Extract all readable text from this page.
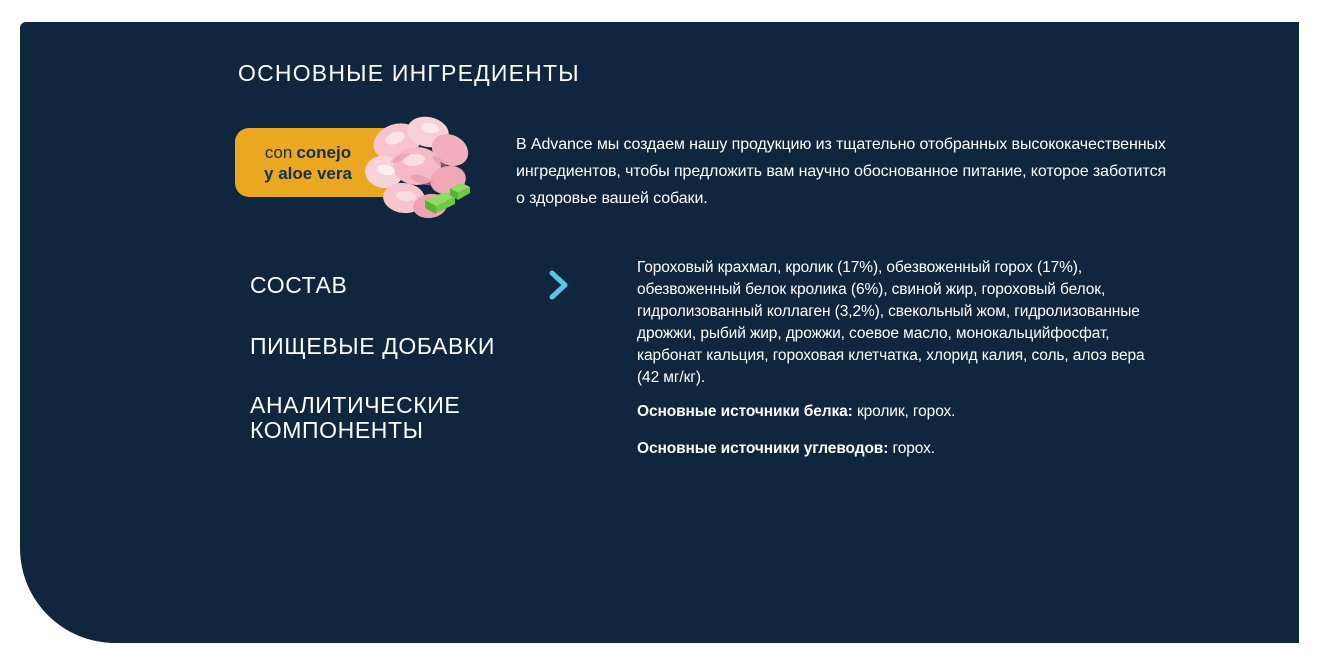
ОСНОВНЫЕ ИНГРЕДИЕНТЫ
con conejo
y aloe vera
В Advance мы создаем нашу продукцию из тщательно отобранных высококачественных ингредиентов, чтобы предложить вам научно обоснованное питание, которое заботится о здоровье вашей собаки.
СОСТАВ
ПИЩЕВЫЕ ДОБАВКИ
АНАЛИТИЧЕСКИЕ КОМПОНЕНТЫ
Гороховый крахмал, кролик (17%), обезвоженный горох (17%), обезвоженный белок кролика (6%), свиной жир, гороховый белок, гидролизованный коллаген (3,2%), свекольный жом, гидролизованные дрожжи, рыбий жир, дрожжи, соевое масло, монокальцийфосфат, карбонат кальция, гороховая клетчатка, хлорид калия, соль, алоэ вера (42 мг/кг).
Основные источники белка: кролик, горох.
Основные источники углеводов: горох.
